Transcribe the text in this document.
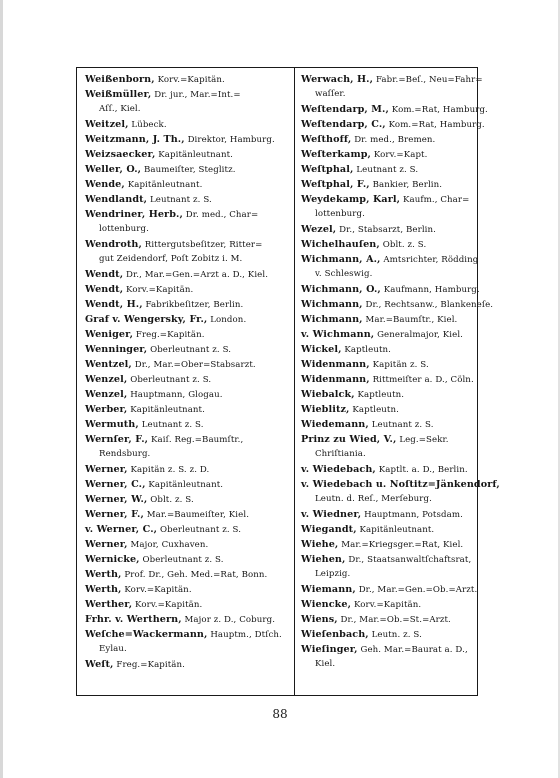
Weißenborn, Korv.=Kapitän.
Weißmüller, Dr. jur., Mar.=Int.=
Aſſ., Kiel.
Weitzel, Lübeck.
Weitzmann, J. Th., Direktor, Hamburg.
Weizsaecker, Kapitänleutnant.
Weller, O., Baumeiſter, Steglitz.
Wende, Kapitänleutnant.
Wendlandt, Leutnant z. S.
Wendriner, Herb., Dr. med., Char=
lottenburg.
Wendroth, Rittergutsbeſitzer, Ritter=
gut Zeidendorf, Poſt Zobitz i. M.
Wendt, Dr., Mar.=Gen.=Arzt a. D., Kiel.
Wendt, Korv.=Kapitän.
Wendt, H., Fabrikbeſitzer, Berlin.
Graf v. Wengersky, Fr., London.
Weniger, Freg.=Kapitän.
Wenninger, Oberleutnant z. S.
Wentzel, Dr., Mar.=Ober=Stabsarzt.
Wenzel, Oberleutnant z. S.
Wenzel, Hauptmann, Glogau.
Werber, Kapitänleutnant.
Wermuth, Leutnant z. S.
Wernſer, F., Kaiſ. Reg.=Baumſtr.,
Rendsburg.
Werner, Kapitän z. S. z. D.
Werner, C., Kapitänleutnant.
Werner, W., Oblt. z. S.
Werner, F., Mar.=Baumeiſter, Kiel.
v. Werner, C., Oberleutnant z. S.
Werner, Major, Cuxhaven.
Wernicke, Oberleutnant z. S.
Werth, Prof. Dr., Geh. Med.=Rat, Bonn.
Werth, Korv.=Kapitän.
Werther, Korv.=Kapitän.
Frhr. v. Werthern, Major z. D., Coburg.
Weſche=Wackermann, Hauptm., Dtſch.
Eylau.
Weſt, Freg.=Kapitän.
Werwach, H., Fabr.=Beſ., Neu=Fahr=
waſſer.
Weſtendarp, M., Kom.=Rat, Hamburg.
Weſtendarp, C., Kom.=Rat, Hamburg.
Weſthoff, Dr. med., Bremen.
Weſterkamp, Korv.=Kapt.
Weſtphal, Leutnant z. S.
Weſtphal, F., Bankier, Berlin.
Weydekamp, Karl, Kaufm., Char=
lottenburg.
Wezel, Dr., Stabsarzt, Berlin.
Wichelhauſen, Oblt. z. S.
Wichmann, A., Amtsrichter, Rödding
v. Schleswig.
Wichmann, O., Kaufmann, Hamburg.
Wichmann, Dr., Rechtsanw., Blankeneſe.
Wichmann, Mar.=Baumſtr., Kiel.
v. Wichmann, Generalmajor, Kiel.
Wickel, Kaptleutn.
Widenmann, Kapitän z. S.
Widenmann, Rittmeiſter a. D., Cöln.
Wiebalck, Kaptleutn.
Wieblitz, Kaptleutn.
Wiedemann, Leutnant z. S.
Prinz zu Wied, V., Leg.=Sekr.
Chriſtiania.
v. Wiedebach, Kaptlt. a. D., Berlin.
v. Wiedebach u. Noſtitz=Jänkendorf,
Leutn. d. Reſ., Merſeburg.
v. Wiedner, Hauptmann, Potsdam.
Wiegandt, Kapitänleutnant.
Wiehe, Mar.=Kriegsger.=Rat, Kiel.
Wiehen, Dr., Staatsanwaltſchaftsrat,
Leipzig.
Wiemann, Dr., Mar.=Gen.=Ob.=Arzt.
Wiencke, Korv.=Kapitän.
Wiens, Dr., Mar.=Ob.=St.=Arzt.
Wieſenbach, Leutn. z. S.
Wieſinger, Geh. Mar.=Baurat a. D.,
Kiel.
88
